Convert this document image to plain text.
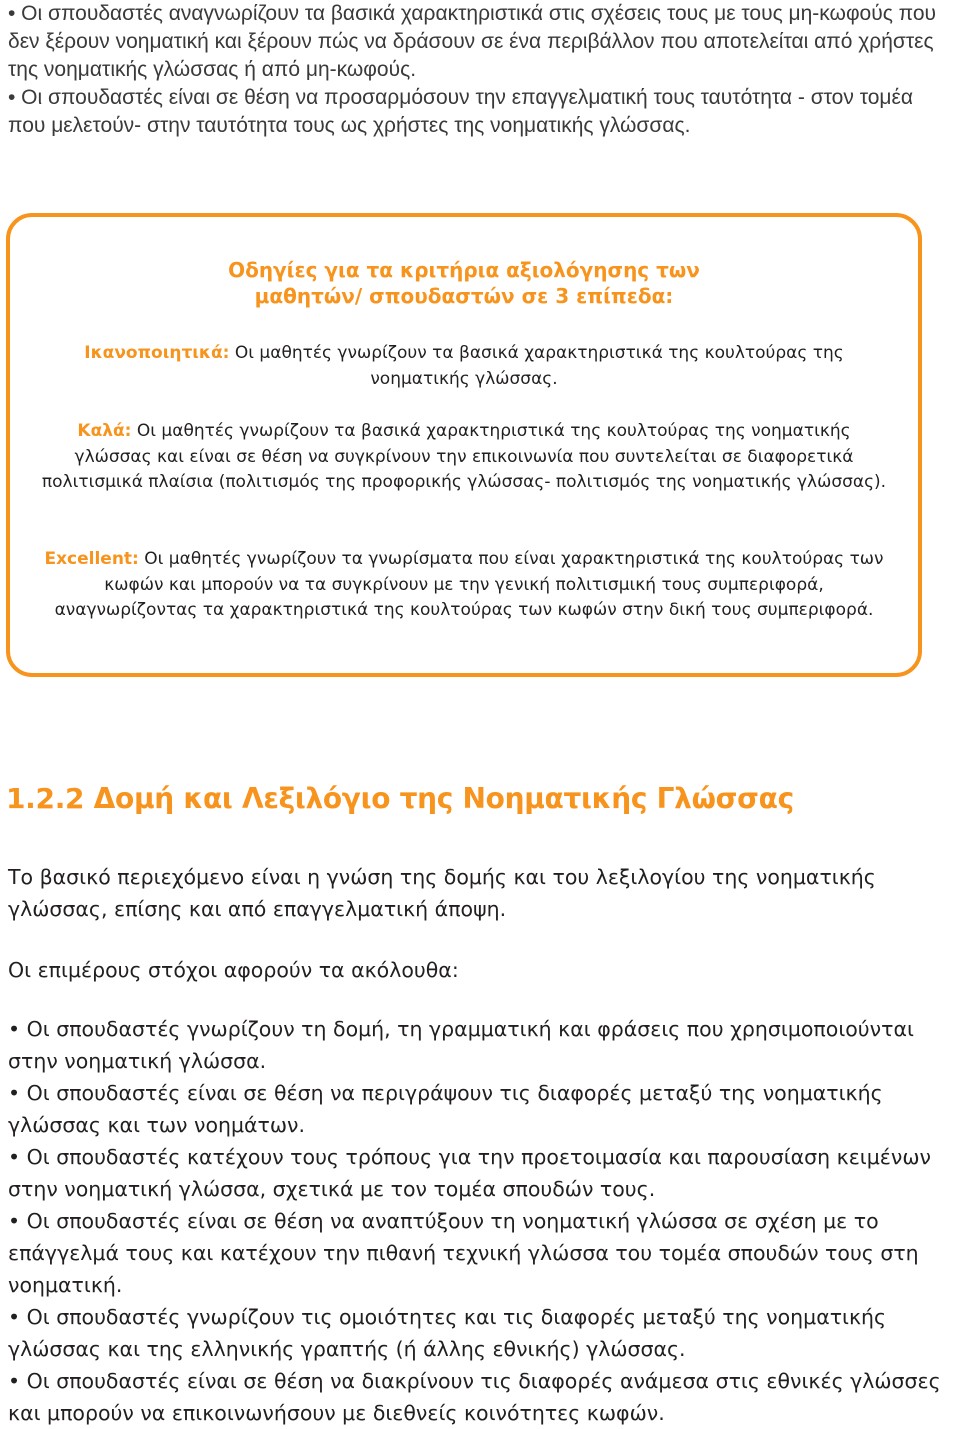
• Οι σπουδαστές αναγνωρίζουν τα βασικά χαρακτηριστικά στις σχέσεις τους με τους μη-κωφούς που δεν ξέρουν νοηματική και ξέρουν πώς να δράσουν σε ένα περιβάλλον που αποτελείται από χρήστες της νοηματικής γλώσσας ή από μη-κωφούς.

• Οι σπουδαστές είναι σε θέση να προσαρμόσουν την επαγγελματική τους ταυτότητα - στον τομέα που μελετούν- στην ταυτότητα τους ως χρήστες της νοηματικής γλώσσας.

Οδηγίες για τα κριτήρια αξιολόγησης των
μαθητών/ σπουδαστών σε 3 επίπεδα:

Ικανοποιητικά: Οι μαθητές γνωρίζουν τα βασικά χαρακτηριστικά της κουλτούρας της νοηματικής γλώσσας.

Καλά: Οι μαθητές γνωρίζουν τα βασικά χαρακτηριστικά της κουλτούρας της νοηματικής γλώσσας και είναι σε θέση να συγκρίνουν την επικοινωνία που συντελείται σε διαφορετικά πολιτισμικά πλαίσια (πολιτισμός της προφορικής γλώσσας- πολιτισμός της νοηματικής γλώσσας).

Excellent: Οι μαθητές γνωρίζουν τα γνωρίσματα που είναι χαρακτηριστικά της κουλτούρας των κωφών και μπορούν να τα συγκρίνουν με την γενική πολιτισμική τους συμπεριφορά, αναγνωρίζοντας τα χαρακτηριστικά της κουλτούρας των κωφών στην δική τους συμπεριφορά.

1.2.2 Δομή και Λεξιλόγιο της Νοηματικής Γλώσσας

Το βασικό περιεχόμενο είναι η γνώση της δομής και του λεξιλογίου της νοηματικής γλώσσας, επίσης και από επαγγελματική άποψη.

Οι επιμέρους στόχοι αφορούν τα ακόλουθα:

• Οι σπουδαστές γνωρίζουν τη δομή, τη γραμματική και φράσεις που χρησιμοποιούνται στην νοηματική γλώσσα.

• Οι σπουδαστές είναι σε θέση να περιγράψουν τις διαφορές μεταξύ της νοηματικής γλώσσας και των νοημάτων.

• Οι σπουδαστές κατέχουν τους τρόπους για την προετοιμασία και παρουσίαση κειμένων στην νοηματική γλώσσα, σχετικά με τον τομέα σπουδών τους.

• Οι σπουδαστές είναι σε θέση να αναπτύξουν τη νοηματική γλώσσα σε σχέση με το επάγγελμά τους και κατέχουν την πιθανή τεχνική γλώσσα του τομέα σπουδών τους στη νοηματική.

• Οι σπουδαστές γνωρίζουν τις ομοιότητες και τις διαφορές μεταξύ της νοηματικής γλώσσας και της ελληνικής γραπτής (ή άλλης εθνικής) γλώσσας.

• Οι σπουδαστές είναι σε θέση να διακρίνουν τις διαφορές ανάμεσα στις εθνικές γλώσσες και μπορούν να επικοινωνήσουν με διεθνείς κοινότητες κωφών.
